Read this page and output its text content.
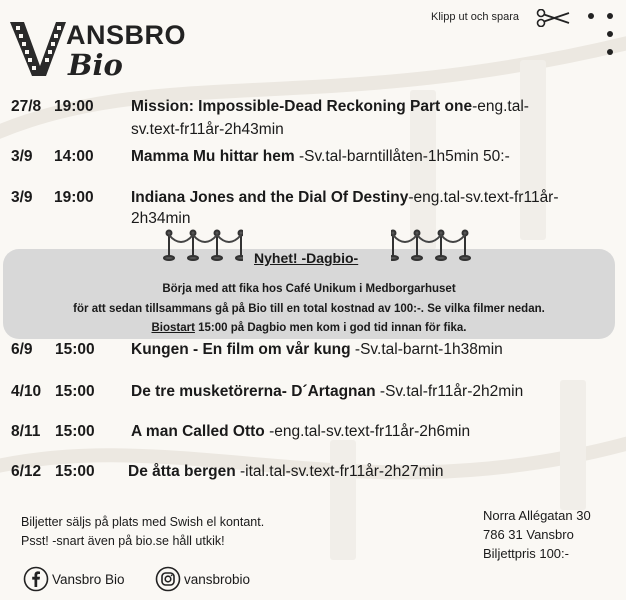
ANSBRO
Bio
Klipp ut och spara
27/8 19:00 Mission: Impossible-Dead Reckoning Part one-eng.tal-
sv.text-fr11år-2h43min
3/9 14:00 Mamma Mu hittar hem -Sv.tal-barntillåten-1h5min 50:-
3/9 19:00 Indiana Jones and the Dial Of Destiny-eng.tal-sv.text-fr11år-
2h34min
Nyhet! -Dagbio-
Börja med att fika hos Café Unikum i Medborgarhuset
för att sedan tillsammans gå på Bio till en total kostnad av 100:-. Se vilka filmer nedan.
Biostart 15:00 på Dagbio men kom i god tid innan för fika.
6/9 15:00 Kungen - En film om vår kung -Sv.tal-barnt-1h38min
4/10 15:00 De tre musketörerna- D´Artagnan -Sv.tal-fr11år-2h2min
8/11 15:00 A man Called Otto -eng.tal-sv.text-fr11år-2h6min
6/12 15:00 De åtta bergen -ital.tal-sv.text-fr11år-2h27min
Biljetter säljs på plats med Swish el kontant.
Psst! -snart även på bio.se håll utkik!
Norra Allégatan 30
786 31 Vansbro
Biljettpris 100:-
Vansbro Bio	vansbrobio
